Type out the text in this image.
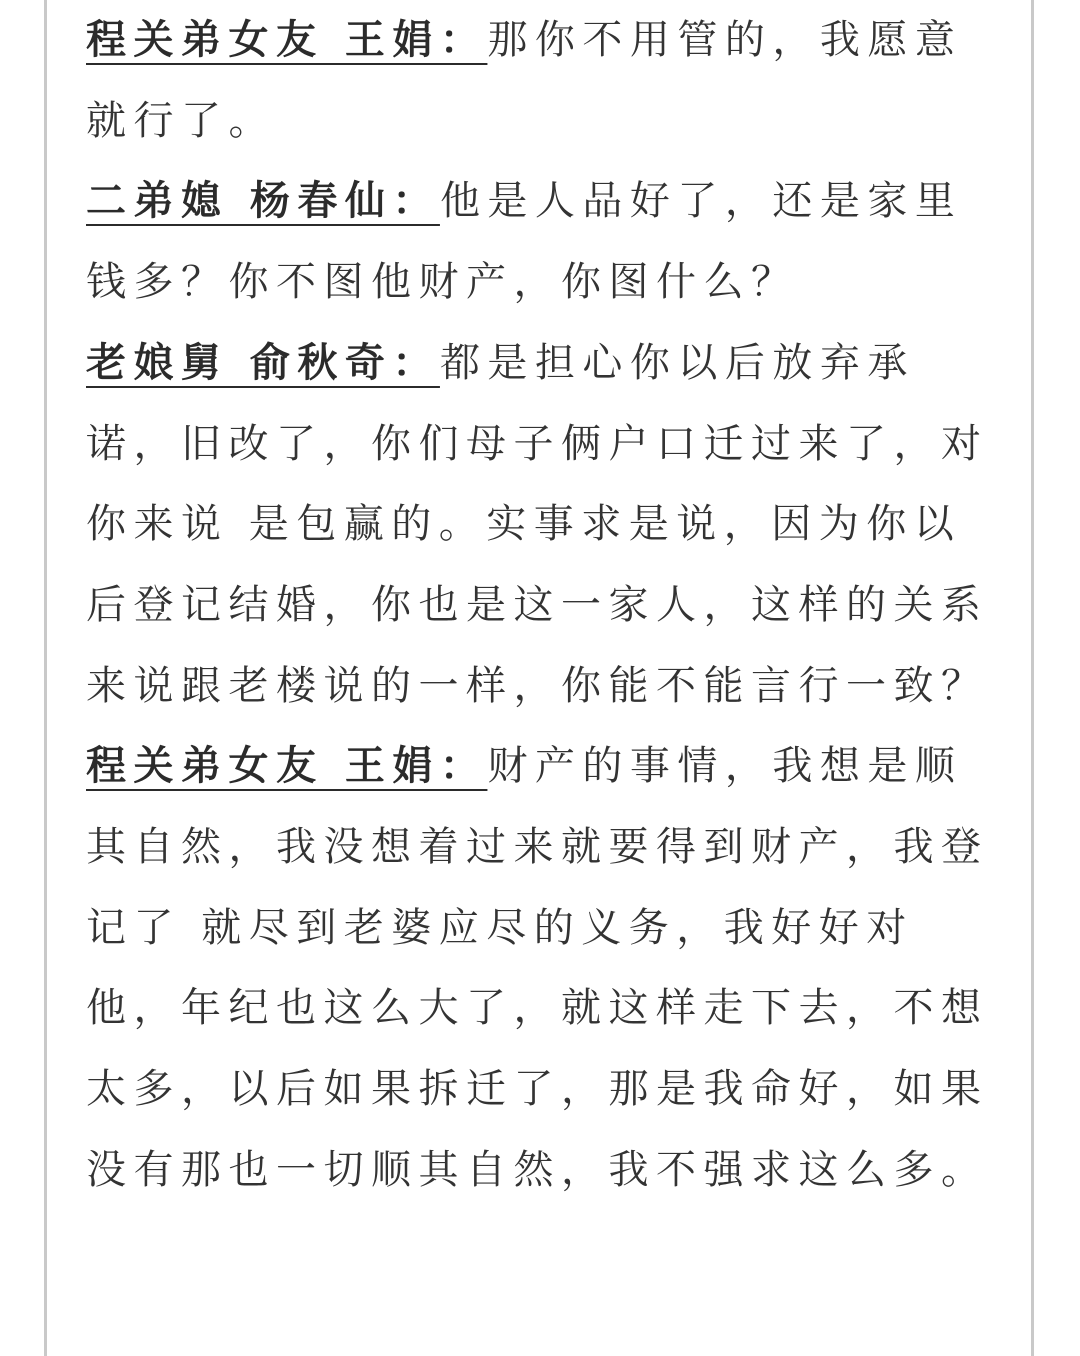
程关弟女友 王娟：那你不用管的，我愿意就行了。

二弟媳 杨春仙：他是人品好了，还是家里钱多？你不图他财产，你图什么？

老娘舅 俞秋奇：都是担心你以后放弃承诺，旧改了，你们母子俩户口迁过来了，对你来说 是包赢的。实事求是说，因为你以后登记结婚，你也是这一家人，这样的关系来说跟老楼说的一样，你能不能言行一致？

程关弟女友 王娟：财产的事情，我想是顺其自然，我没想着过来就要得到财产，我登记了 就尽到老婆应尽的义务，我好好对他，年纪也这么大了，就这样走下去，不想太多，以后如果拆迁了，那是我命好，如果没有那也一切顺其自然，我不强求这么多。
